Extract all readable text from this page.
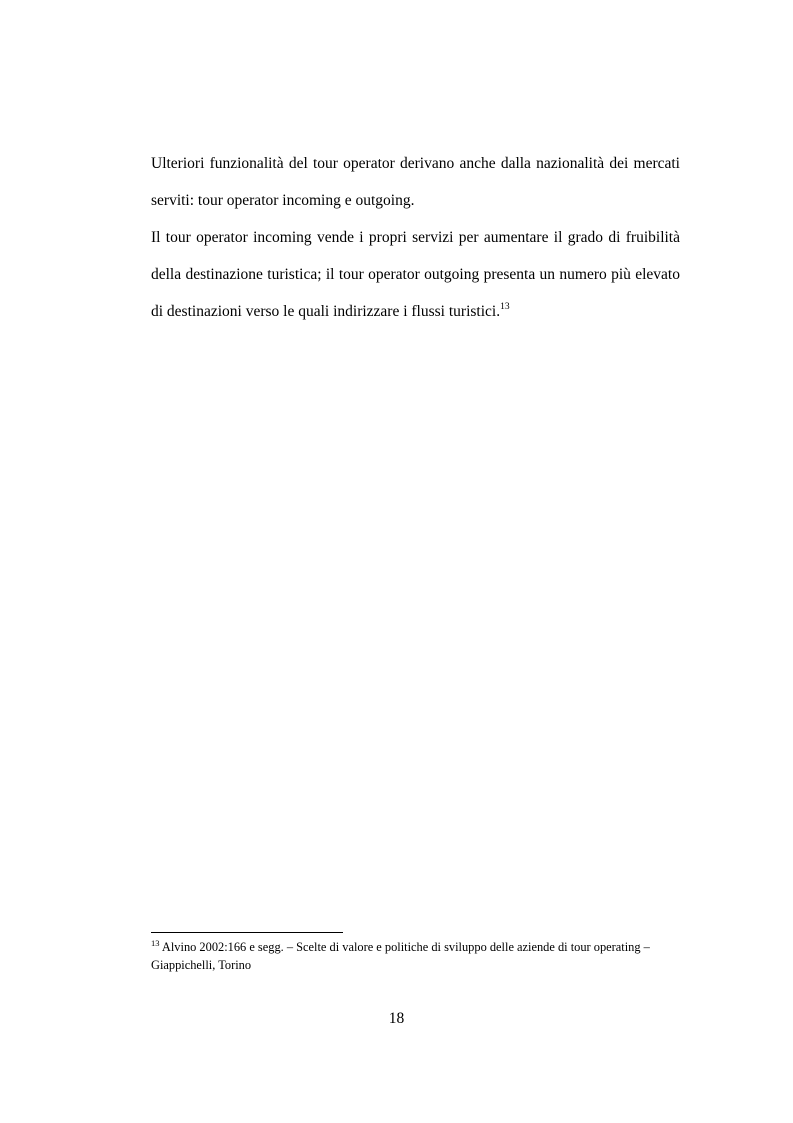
Ulteriori funzionalità del tour operator derivano anche dalla nazionalità dei mercati serviti: tour operator incoming e outgoing.

Il tour operator incoming vende i propri servizi per aumentare il grado di fruibilità della destinazione turistica; il tour operator outgoing presenta un numero più elevato di destinazioni verso le quali indirizzare i flussi turistici.$^{13}$

$^{13}$ Alvino 2002:166 e segg. – Scelte di valore e politiche di sviluppo delle aziende di tour operating – Giappichelli, Torino

18
